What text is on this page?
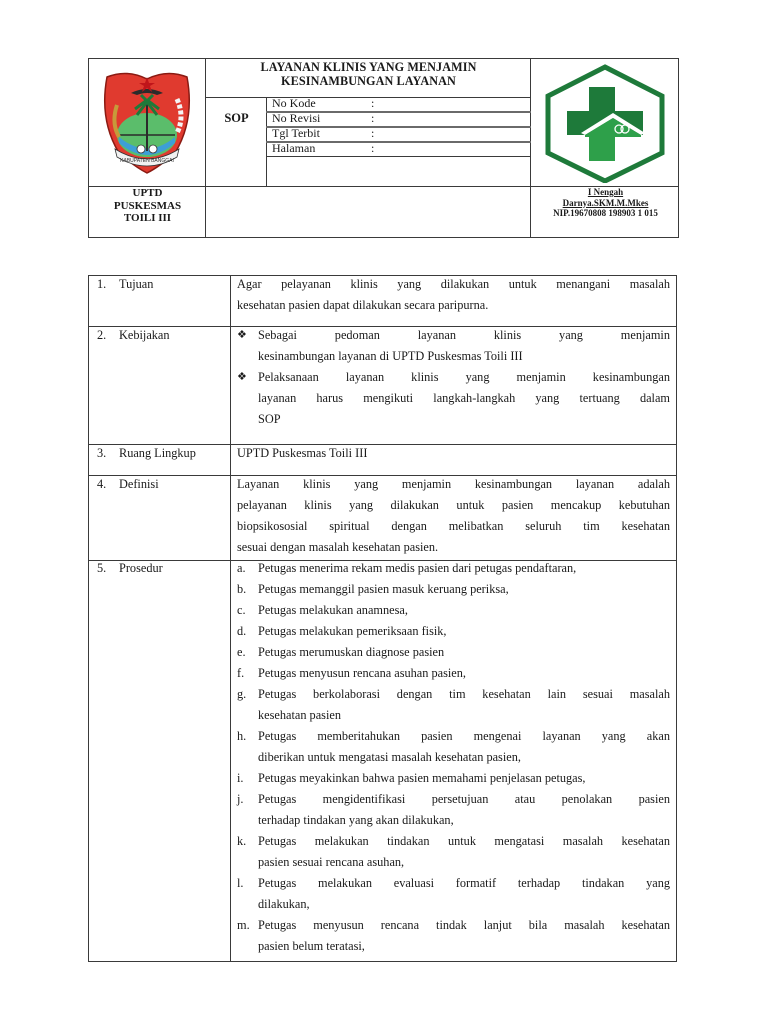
KABUPATEN BANGGAI
LAYANAN KLINIS YANG MENJAMIN
KESINAMBUNGAN LAYANAN
SOP
No Kode	:
No Revisi	:
Tgl Terbit	:
Halaman	:
UPTD
PUSKESMAS
TOILI III
I Nengah
Darnya.SKM.M.Mkes
NIP.19670808 198903 1 015
1. Tujuan	Agar pelayanan klinis yang dilakukan untuk menangani masalah

kesehatan pasien dapat dilakukan secara paripurna.

2. Kebijakan	❖ Sebagai pedoman layanan klinis yang menjamin

kesinambungan layanan di UPTD Puskesmas Toili III

❖ Pelaksanaan layanan klinis yang menjamin kesinambungan

layanan harus mengikuti langkah-langkah yang tertuang dalam

SOP

3. Ruang Lingkup	UPTD Puskesmas Toili III

4. Definisi	Layanan klinis yang menjamin kesinambungan layanan adalah

pelayanan klinis yang dilakukan untuk pasien mencakup kebutuhan

biopsikososial spiritual dengan melibatkan seluruh tim kesehatan

sesuai dengan masalah kesehatan pasien.

5. Prosedur	a. Petugas menerima rekam medis pasien dari petugas pendaftaran,

b. Petugas memanggil pasien masuk keruang periksa,

c. Petugas melakukan anamnesa,

d. Petugas melakukan pemeriksaan fisik,

e. Petugas merumuskan diagnose pasien

f. Petugas menyusun rencana asuhan pasien,

g. Petugas berkolaborasi dengan tim kesehatan lain sesuai masalah

kesehatan pasien

h. Petugas memberitahukan pasien mengenai layanan yang akan

diberikan untuk mengatasi masalah kesehatan pasien,

i. Petugas meyakinkan bahwa pasien memahami penjelasan petugas,

j. Petugas mengidentifikasi persetujuan atau penolakan pasien

terhadap tindakan yang akan dilakukan,

k. Petugas melakukan tindakan untuk mengatasi masalah kesehatan

pasien sesuai rencana asuhan,

l. Petugas melakukan evaluasi formatif terhadap tindakan yang

dilakukan,

m. Petugas menyusun rencana tindak lanjut bila masalah kesehatan

pasien belum teratasi,
